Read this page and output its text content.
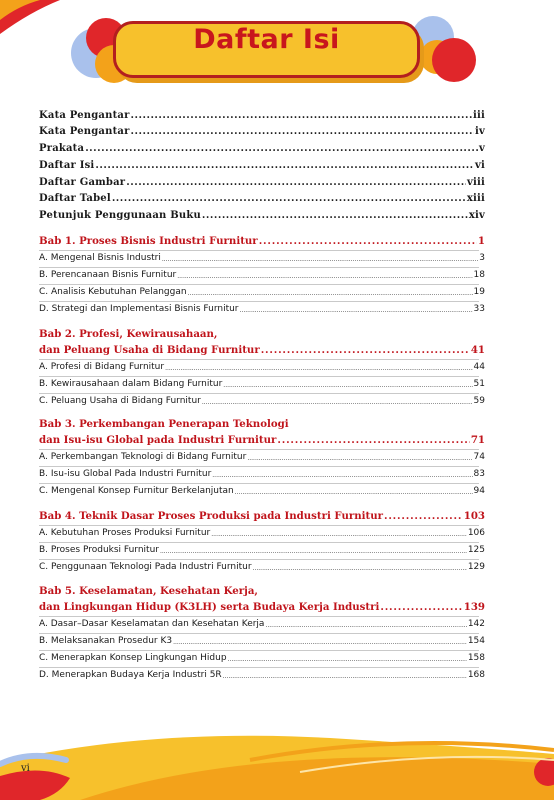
Daftar Isi
Kata Pengantar .....	iii
Kata Pengantar .....	iv
Prakata .....	v
Daftar Isi .....	vi
Daftar Gambar .....	viii
Daftar Tabel .....	xiii
Petunjuk Penggunaan Buku .....	xiv
Bab 1. Proses Bisnis Industri Furnitur .....	1
A. Mengenal Bisnis Industri .....	3
B. Perencanaan Bisnis Furnitur .....	18
C. Analisis Kebutuhan Pelanggan .....	19
D. Strategi dan Implementasi Bisnis Furnitur .....	33
Bab 2. Profesi, Kewirausahaan,
dan Peluang Usaha di Bidang Furnitur .....	41
A. Profesi di Bidang Furnitur .....	44
B. Kewirausahaan dalam Bidang Furnitur .....	51
C. Peluang Usaha di Bidang Furnitur .....	59
Bab 3. Perkembangan Penerapan Teknologi
dan Isu-isu Global pada Industri Furnitur .....	71
A. Perkembangan Teknologi di Bidang Furnitur .....	74
B. Isu-isu Global Pada Industri Furnitur .....	83
C. Mengenal Konsep Furnitur Berkelanjutan .....	94
Bab 4. Teknik Dasar Proses Produksi pada Industri Furnitur .....	103
A. Kebutuhan Proses Produksi Furnitur .....	106
B. Proses Produksi Furnitur .....	125
C. Penggunaan Teknologi Pada Industri Furnitur .....	129
Bab 5. Keselamatan, Kesehatan Kerja,
dan Lingkungan Hidup (K3LH) serta Budaya Kerja Industri .....	139
A. Dasar–Dasar Keselamatan dan Kesehatan Kerja .....	142
B. Melaksanakan Prosedur K3 .....	154
C. Menerapkan Konsep Lingkungan Hidup .....	158
D. Menerapkan Budaya Kerja Industri 5R .....	168
vi
